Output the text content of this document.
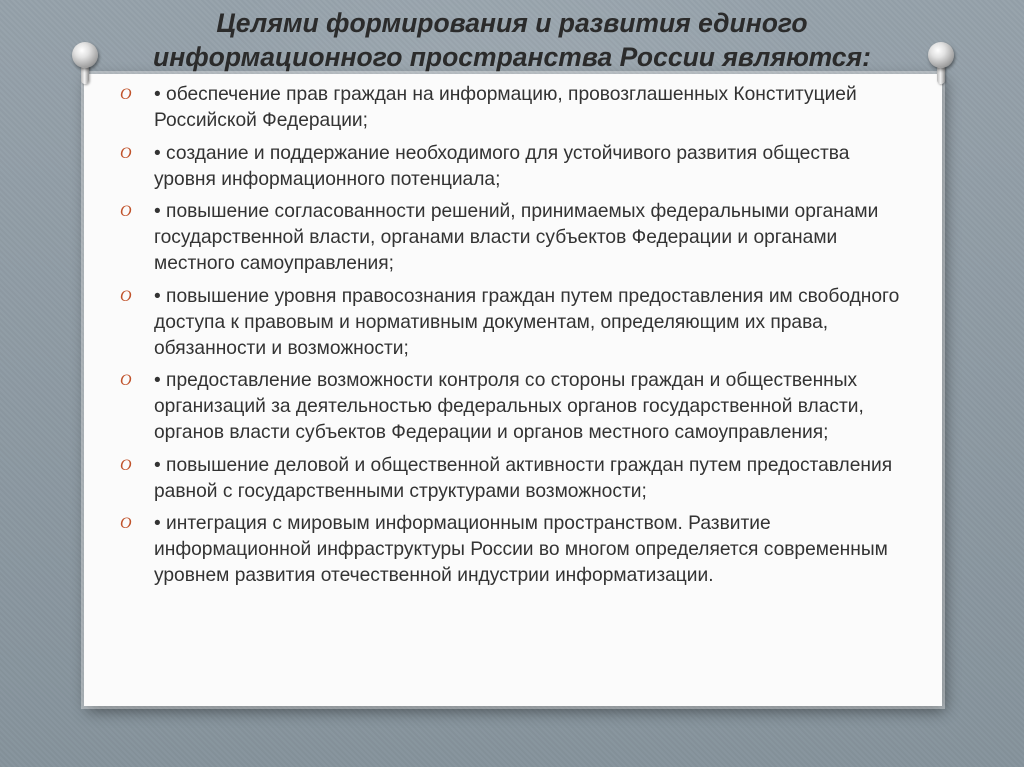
Целями формирования и развития единого
информационного пространства России являются:
O • обеспечение прав граждан на информацию, провозглашенных Конституцией Российской Федерации;
O • создание и поддержание необходимого для устойчивого развития общества уровня информационного потенциала;
O • повышение согласованности решений, принимаемых федеральными органами государственной власти, органами власти субъектов Федерации и органами местного самоуправления;
O • повышение уровня правосознания граждан путем предоставления им свободного доступа к правовым и нормативным документам, определяющим их права, обязанности и возможности;
O • предоставление возможности контроля со стороны граждан и общественных организаций за деятельностью федеральных органов государственной власти, органов власти субъектов Федерации и органов местного самоуправления;
O • повышение деловой и общественной активности граждан путем предоставления равной с государственными структурами возможности;
O • интеграция с мировым информационным пространством. Развитие информационной инфраструктуры России во многом определяется современным уровнем развития отечественной индустрии информатизации.
